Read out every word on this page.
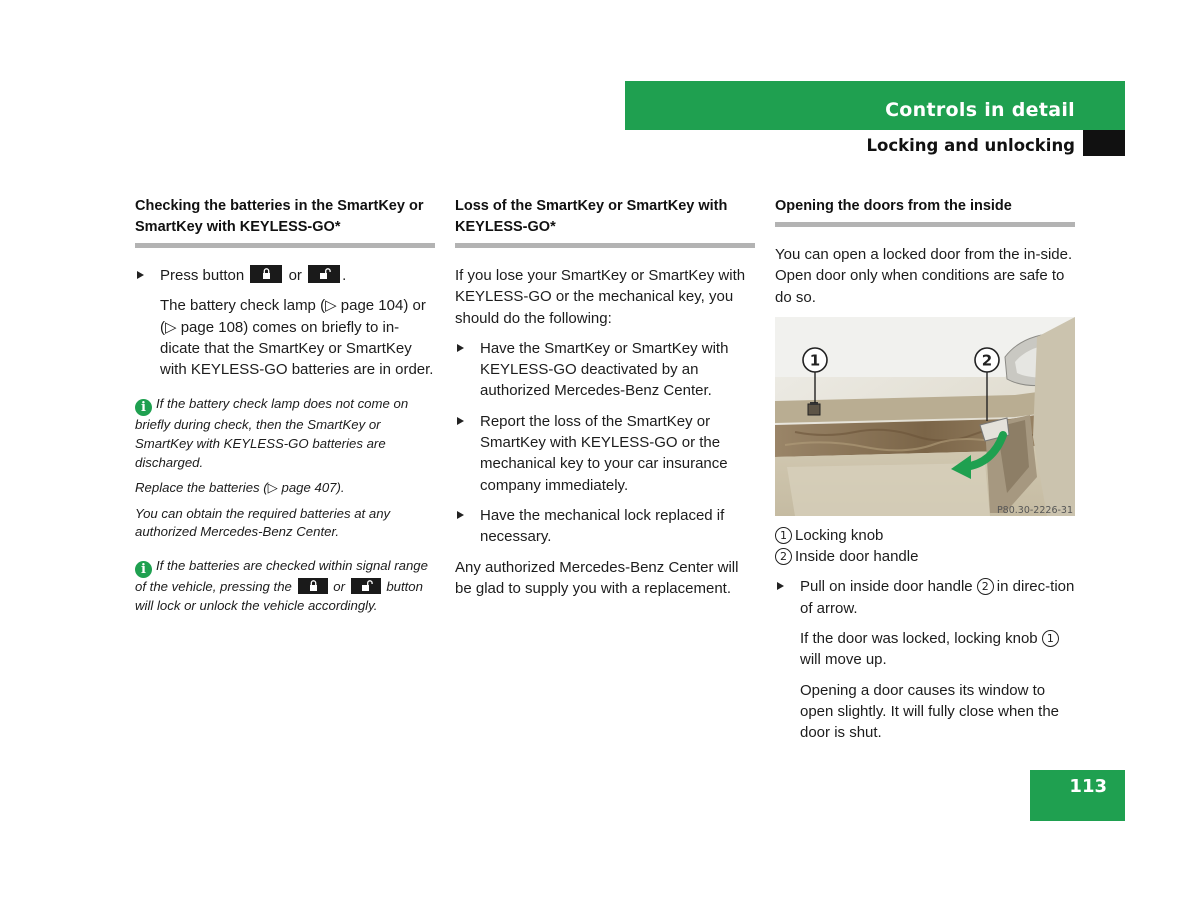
Controls in detail
Locking and unlocking
Checking the batteries in the SmartKey or SmartKey with KEYLESS-GO*
Press button	or	.

The battery check lamp (▷ page 104) or (▷ page 108) comes on briefly to in-dicate that the SmartKey or SmartKey with KEYLESS-GO batteries are in order.

i If the battery check lamp does not come on briefly during check, then the SmartKey or SmartKey with KEYLESS-GO batteries are discharged.
Replace the batteries (▷ page 407).
You can obtain the required batteries at any authorized Mercedes-Benz Center.
i If the batteries are checked within signal range of the vehicle, pressing the	or	button will lock or unlock the vehicle accordingly.
Loss of the SmartKey or SmartKey with KEYLESS-GO*

If you lose your SmartKey or SmartKey with KEYLESS-GO or the mechanical key, you should do the following:

Have the SmartKey or SmartKey with KEYLESS-GO deactivated by an authorized Mercedes-Benz Center.
Report the loss of the SmartKey or SmartKey with KEYLESS-GO or the mechanical key to your car insurance company immediately.
Have the mechanical lock replaced if necessary.

Any authorized Mercedes-Benz Center will be glad to supply you with a replacement.

Opening the doors from the inside

You can open a locked door from the in-side. Open door only when conditions are safe to do so.

1	2
P80.30-2226-31
1 Locking knob
2 Inside door handle
Pull on inside door handle 2 in direc-tion of arrow.

If the door was locked, locking knob 1will move up.

Opening a door causes its window to open slightly. It will fully close when the door is shut.

113
